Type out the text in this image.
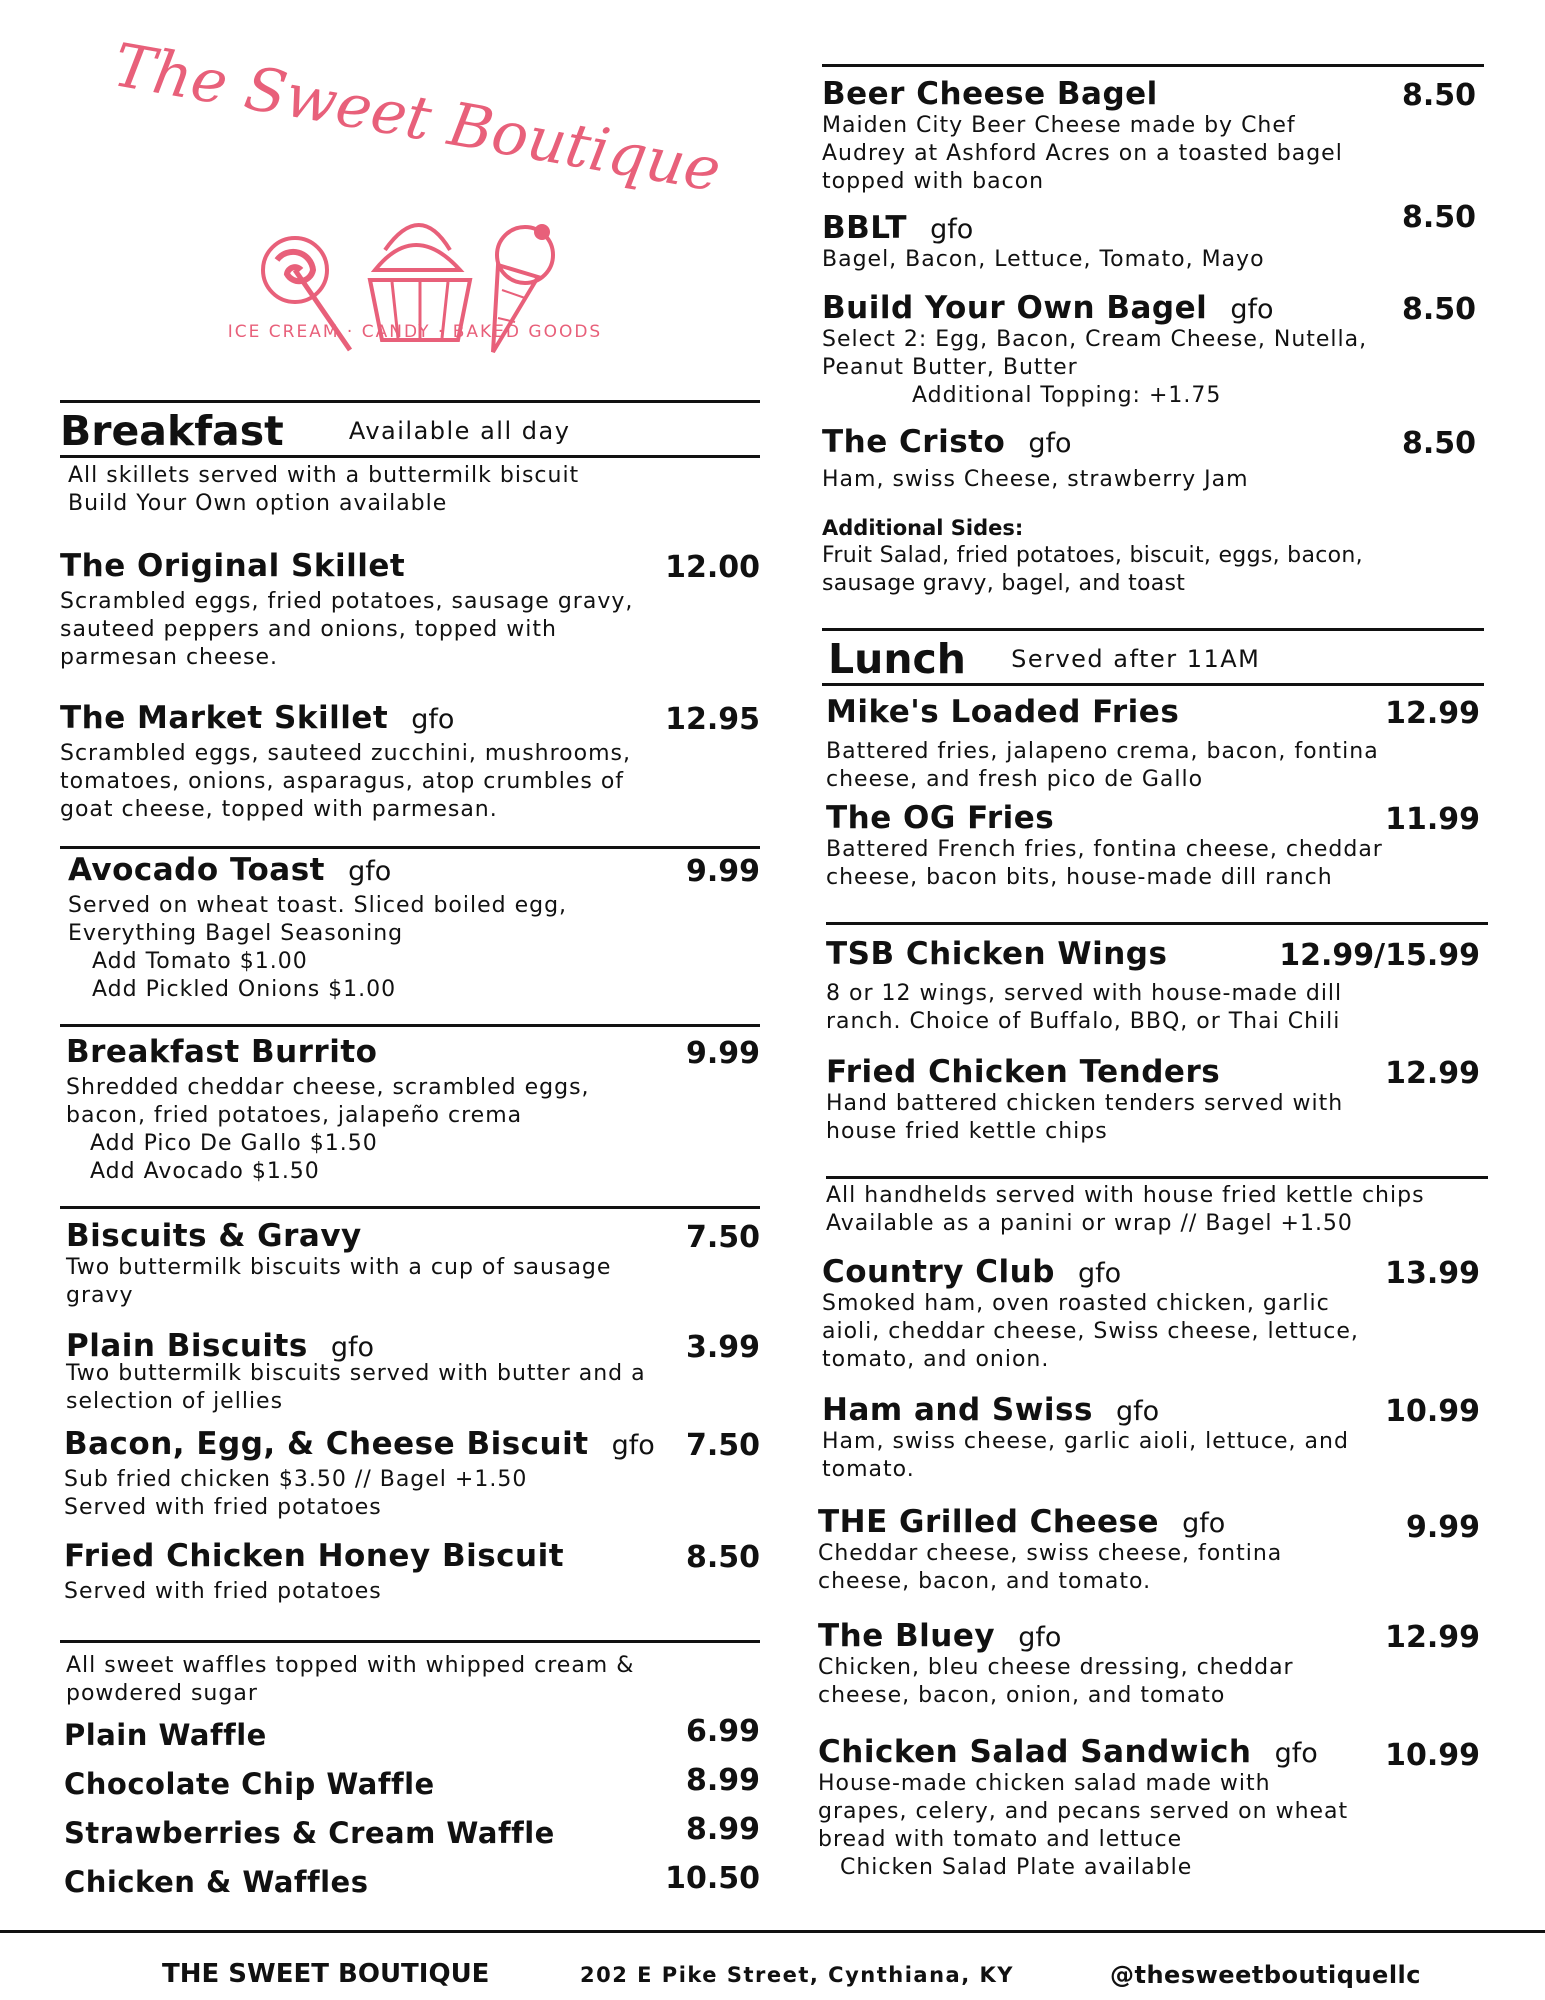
The Sweet Boutique
ICE CREAM · CANDY · BAKED GOODS
Breakfast	Available all day
All skillets served with a buttermilk biscuit
Build Your Own option available
The Original Skillet	12.00
Scrambled eggs, fried potatoes, sausage gravy,
sauteed peppers and onions, topped with
parmesan cheese.
The Market Skillet gfo	12.95
Scrambled eggs, sauteed zucchini, mushrooms,
tomatoes, onions, asparagus, atop crumbles of
goat cheese, topped with parmesan.
Avocado Toast gfo	9.99
Served on wheat toast. Sliced boiled egg,
Everything Bagel Seasoning
Add Tomato $1.00
Add Pickled Onions $1.00
Breakfast Burrito	9.99
Shredded cheddar cheese, scrambled eggs,
bacon, fried potatoes, jalapeño crema
Add Pico De Gallo $1.50
Add Avocado $1.50
Biscuits & Gravy	7.50
Two buttermilk biscuits with a cup of sausage
gravy
Plain Biscuits gfo	3.99
Two buttermilk biscuits served with butter and a
selection of jellies
Bacon, Egg, & Cheese Biscuit gfo 7.50
Sub fried chicken $3.50 // Bagel +1.50
Served with fried potatoes
Fried Chicken Honey Biscuit	8.50
Served with fried potatoes
All sweet waffles topped with whipped cream &
powdered sugar
Plain Waffle	6.99
Chocolate Chip Waffle	8.99
Strawberries & Cream Waffle	8.99
Chicken & Waffles	10.50
Beer Cheese Bagel	8.50
Maiden City Beer Cheese made by Chef
Audrey at Ashford Acres on a toasted bagel
topped with bacon
BBLT gfo	8.50
Bagel, Bacon, Lettuce, Tomato, Mayo
Build Your Own Bagel gfo	8.50
Select 2: Egg, Bacon, Cream Cheese, Nutella,
Peanut Butter, Butter
Additional Topping: +1.75
The Cristo gfo	8.50
Ham, swiss Cheese, strawberry Jam
Additional Sides:
Fruit Salad, fried potatoes, biscuit, eggs, bacon,
sausage gravy, bagel, and toast
Lunch Served after 11AM
Mike's Loaded Fries	12.99
Battered fries, jalapeno crema, bacon, fontina
cheese, and fresh pico de Gallo
The OG Fries	11.99
Battered French fries, fontina cheese, cheddar
cheese, bacon bits, house-made dill ranch
TSB Chicken Wings	12.99/15.99
8 or 12 wings, served with house-made dill
ranch. Choice of Buffalo, BBQ, or Thai Chili
Fried Chicken Tenders	12.99
Hand battered chicken tenders served with
house fried kettle chips
All handhelds served with house fried kettle chips
Available as a panini or wrap // Bagel +1.50
Country Club gfo	13.99
Smoked ham, oven roasted chicken, garlic
aioli, cheddar cheese, Swiss cheese, lettuce,
tomato, and onion.
Ham and Swiss gfo	10.99
Ham, swiss cheese, garlic aioli, lettuce, and
tomato.
THE Grilled Cheese gfo	9.99
Cheddar cheese, swiss cheese, fontina
cheese, bacon, and tomato.
The Bluey gfo	12.99
Chicken, bleu cheese dressing, cheddar
cheese, bacon, onion, and tomato
Chicken Salad Sandwich gfo 10.99
House-made chicken salad made with
grapes, celery, and pecans served on wheat
bread with tomato and lettuce
Chicken Salad Plate available
THE SWEET BOUTIQUE	202 E Pike Street, Cynthiana, KY	@thesweetboutiquellc
